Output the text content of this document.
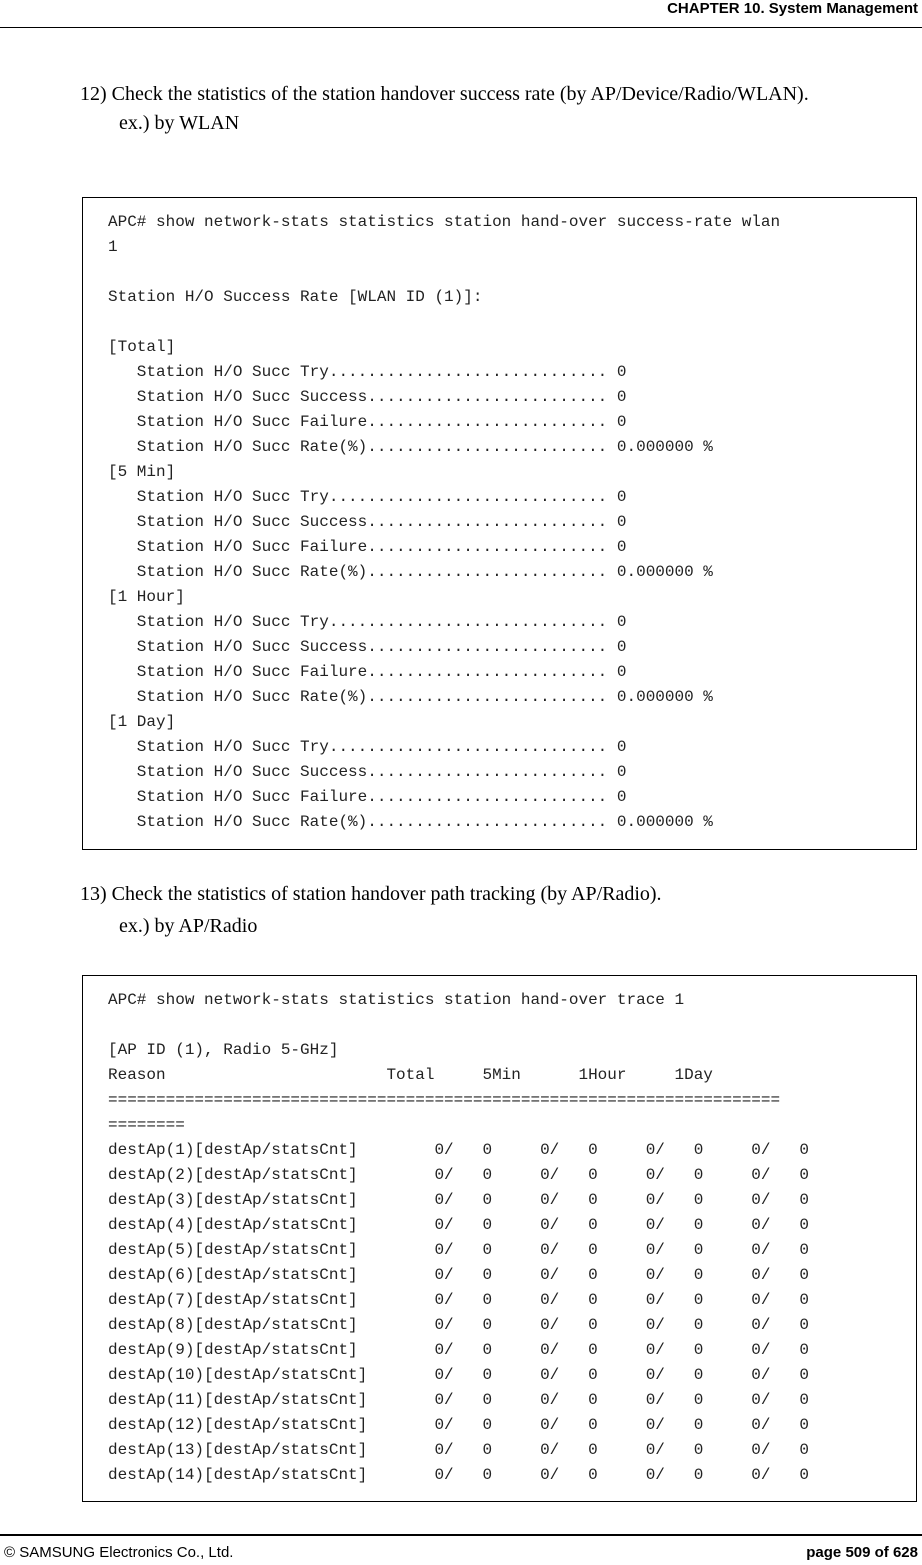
CHAPTER 10. System Management
12) Check the statistics of the station handover success rate (by AP/Device/Radio/WLAN).
ex.) by WLAN
APC# show network-stats statistics station hand-over success-rate wlan
1

Station H/O Success Rate [WLAN ID (1)]:

[Total]
Station H/O Succ Try............................. 0
Station H/O Succ Success......................... 0
Station H/O Succ Failure......................... 0
Station H/O Succ Rate(%)......................... 0.000000 %
[5 Min]
Station H/O Succ Try............................. 0
Station H/O Succ Success......................... 0
Station H/O Succ Failure......................... 0
Station H/O Succ Rate(%)......................... 0.000000 %
[1 Hour]
Station H/O Succ Try............................. 0
Station H/O Succ Success......................... 0
Station H/O Succ Failure......................... 0
Station H/O Succ Rate(%)......................... 0.000000 %
[1 Day]
Station H/O Succ Try............................. 0
Station H/O Succ Success......................... 0
Station H/O Succ Failure......................... 0
Station H/O Succ Rate(%)......................... 0.000000 %
13) Check the statistics of station handover path tracking (by AP/Radio).
ex.) by AP/Radio
APC# show network-stats statistics station hand-over trace 1

[AP ID (1), Radio 5-GHz]
Reason                       Total     5Min      1Hour     1Day
======================================================================
========
destAp(1)[destAp/statsCnt]        0/   0     0/   0     0/   0     0/   0
destAp(2)[destAp/statsCnt]        0/   0     0/   0     0/   0     0/   0
destAp(3)[destAp/statsCnt]        0/   0     0/   0     0/   0     0/   0
destAp(4)[destAp/statsCnt]        0/   0     0/   0     0/   0     0/   0
destAp(5)[destAp/statsCnt]        0/   0     0/   0     0/   0     0/   0
destAp(6)[destAp/statsCnt]        0/   0     0/   0     0/   0     0/   0
destAp(7)[destAp/statsCnt]        0/   0     0/   0     0/   0     0/   0
destAp(8)[destAp/statsCnt]        0/   0     0/   0     0/   0     0/   0
destAp(9)[destAp/statsCnt]        0/   0     0/   0     0/   0     0/   0
destAp(10)[destAp/statsCnt]       0/   0     0/   0     0/   0     0/   0
destAp(11)[destAp/statsCnt]       0/   0     0/   0     0/   0     0/   0
destAp(12)[destAp/statsCnt]       0/   0     0/   0     0/   0     0/   0
destAp(13)[destAp/statsCnt]       0/   0     0/   0     0/   0     0/   0
destAp(14)[destAp/statsCnt]       0/   0     0/   0     0/   0     0/   0
© SAMSUNG Electronics Co., Ltd.	page 509 of 628
